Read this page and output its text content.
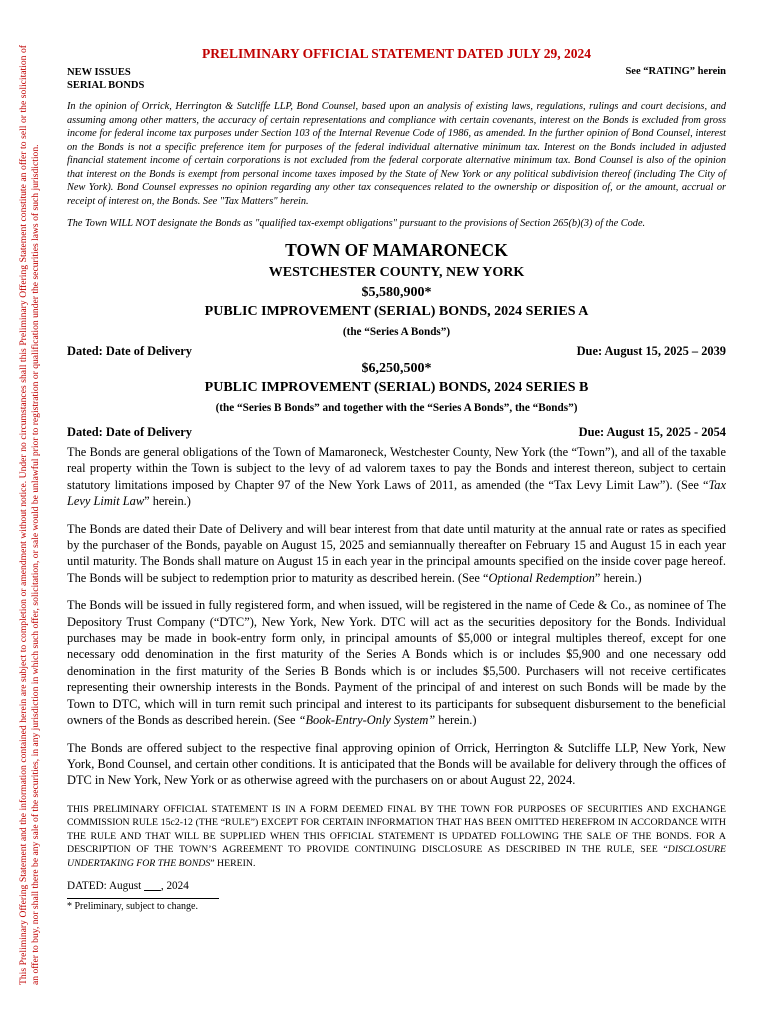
This Preliminary Offering Statement and the information contained herein are subject to completion or amendment without notice. Under no circumstances shall this Preliminary Offering Statement constitute an offer to sell or the solicitation of an offer to buy, nor shall there be any sale of the securities, in any jurisdiction in which such offer, solicitation, or sale would be unlawful prior to registration or qualification under the securities laws of such jurisdiction.
PRELIMINARY OFFICIAL STATEMENT DATED JULY 29, 2024
NEW ISSUES
SERIAL BONDS
See “RATING” herein

In the opinion of Orrick, Herrington & Sutcliffe LLP, Bond Counsel, based upon an analysis of existing laws, regulations, rulings and court decisions, and assuming among other matters, the accuracy of certain representations and compliance with certain covenants, interest on the Bonds is excluded from gross income for federal income tax purposes under Section 103 of the Internal Revenue Code of 1986, as amended. In the further opinion of Bond Counsel, interest on the Bonds is not a specific preference item for purposes of the federal individual alternative minimum tax. Interest on the Bonds included in adjusted financial statement income of certain corporations is not excluded from the federal corporate alternative minimum tax. Bond Counsel is also of the opinion that interest on the Bonds is exempt from personal income taxes imposed by the State of New York or any political subdivision thereof (including The City of New York). Bond Counsel expresses no opinion regarding any other tax consequences related to the ownership or disposition of, or the amount, accrual or receipt of interest on, the Bonds. See "Tax Matters" herein.

The Town WILL NOT designate the Bonds as "qualified tax-exempt obligations" pursuant to the provisions of Section 265(b)(3) of the Code.

TOWN OF MAMARONECK
WESTCHESTER COUNTY, NEW YORK
$5,580,900*
PUBLIC IMPROVEMENT (SERIAL) BONDS, 2024 SERIES A
(the “Series A Bonds”)
Dated: Date of Delivery	Due: August 15, 2025 – 2039
$6,250,500*
PUBLIC IMPROVEMENT (SERIAL) BONDS, 2024 SERIES B
(the “Series B Bonds” and together with the “Series A Bonds”, the “Bonds”)
Dated: Date of Delivery	Due: August 15, 2025 - 2054

The Bonds are general obligations of the Town of Mamaroneck, Westchester County, New York (the “Town”), and all of the taxable real property within the Town is subject to the levy of ad valorem taxes to pay the Bonds and interest thereon, subject to certain statutory limitations imposed by Chapter 97 of the New York Laws of 2011, as amended (the “Tax Levy Limit Law”). (See “Tax Levy Limit Law” herein.)

The Bonds are dated their Date of Delivery and will bear interest from that date until maturity at the annual rate or rates as specified by the purchaser of the Bonds, payable on August 15, 2025 and semiannually thereafter on February 15 and August 15 in each year until maturity. The Bonds shall mature on August 15 in each year in the principal amounts specified on the inside cover page hereof. The Bonds will be subject to redemption prior to maturity as described herein. (See “Optional Redemption” herein.)

The Bonds will be issued in fully registered form, and when issued, will be registered in the name of Cede & Co., as nominee of The Depository Trust Company (“DTC”), New York, New York. DTC will act as the securities depository for the Bonds. Individual purchases may be made in book-entry form only, in principal amounts of $5,000 or integral multiples thereof, except for one necessary odd denomination in the first maturity of the Series A Bonds which is or includes $5,900 and one necessary odd denomination in the first maturity of the Series B Bonds which is or includes $5,500. Purchasers will not receive certificates representing their ownership interests in the Bonds. Payment of the principal of and interest on such Bonds will be made by the Town to DTC, which will in turn remit such principal and interest to its participants for subsequent disbursement to the beneficial owners of the Bonds as described herein. (See “Book-Entry-Only System” herein.)

The Bonds are offered subject to the respective final approving opinion of Orrick, Herrington & Sutcliffe LLP, New York, New York, Bond Counsel, and certain other conditions. It is anticipated that the Bonds will be available for delivery through the offices of DTC in New York, New York or as otherwise agreed with the purchasers on or about August 22, 2024.

THIS PRELIMINARY OFFICIAL STATEMENT IS IN A FORM DEEMED FINAL BY THE TOWN FOR PURPOSES OF SECURITIES AND EXCHANGE COMMISSION RULE 15c2-12 (THE “RULE”) EXCEPT FOR CERTAIN INFORMATION THAT HAS BEEN OMITTED HEREFROM IN ACCORDANCE WITH THE RULE AND THAT WILL BE SUPPLIED WHEN THIS OFFICIAL STATEMENT IS UPDATED FOLLOWING THE SALE OF THE BONDS. FOR A DESCRIPTION OF THE TOWN’S AGREEMENT TO PROVIDE CONTINUING DISCLOSURE AS DESCRIBED IN THE RULE, SEE “DISCLOSURE UNDERTAKING FOR THE BONDS” HEREIN.

DATED: August ___, 2024
* Preliminary, subject to change.
